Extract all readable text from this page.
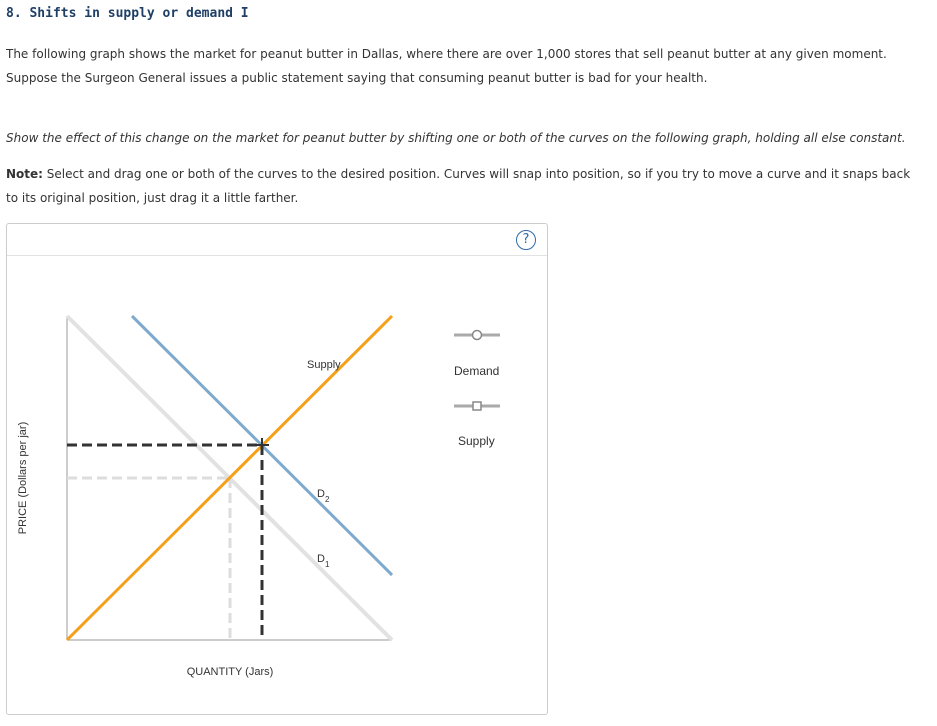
8. Shifts in supply or demand I
The following graph shows the market for peanut butter in Dallas, where there are over 1,000 stores that sell peanut butter at any given moment. Suppose the Surgeon General issues a public statement saying that consuming peanut butter is bad for your health.
Show the effect of this change on the market for peanut butter by shifting one or both of the curves on the following graph, holding all else constant.
Note: Select and drag one or both of the curves to the desired position. Curves will snap into position, so if you try to move a curve and it snaps back to its original position, just drag it a little farther.
?
Supply
$D_2$
$D_1$
Demand
Supply
PRICE (Dollars per jar)
QUANTITY (Jars)
